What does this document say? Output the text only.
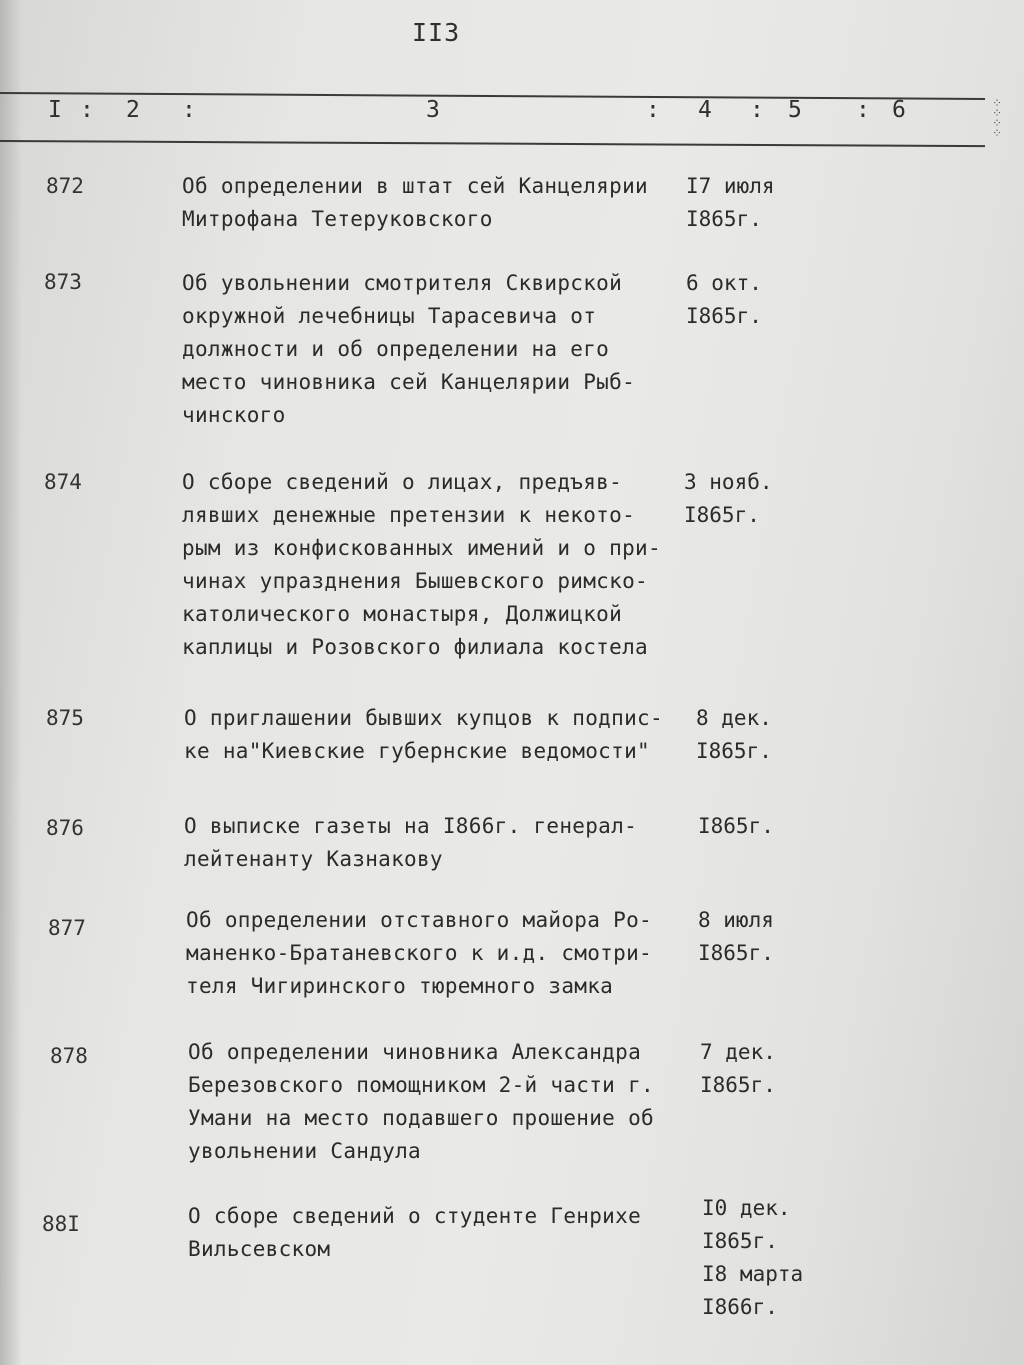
II3
I : 2 :	3	: 4 : 5 : 6	⁘
⁘
⁘
⁘
872	Об определении в штат сей Канцелярии
Митрофана Тетеруковского
I7 июля
I865г.
873	Об увольнении смотрителя Сквирской
окружной лечебницы Тарасевича от
должности и об определении на его
место чиновника сей Канцелярии Рыб-
чинского
6 окт.
I865г.
874	О сборе сведений о лицах, предъяв-
лявших денежные претензии к некото-
рым из конфискованных имений и о при-
чинах упразднения Бышевского римско-
католического монастыря, Должицкой
каплицы и Розовского филиала костела
3 нояб.
I865г.
875	О приглашении бывших купцов к подпис-
ке на"Киевские губернские ведомости"
8 дек.
I865г.
876	О выписке газеты на I866г. генерал-
лейтенанту Казнакову
I865г.
877	Об определении отставного майора Ро-
маненко-Братаневского к и.д. смотри-
теля Чигиринского тюремного замка
8 июля
I865г.
878	Об определении чиновника Александра
Березовского помощником 2-й части г.
Умани на место подавшего прошение об
увольнении Сандула
7 дек.
I865г.
88I	О сборе сведений о студенте Генрихе
Вильсевском
I0 дек.
I865г.
I8 марта
I866г.
